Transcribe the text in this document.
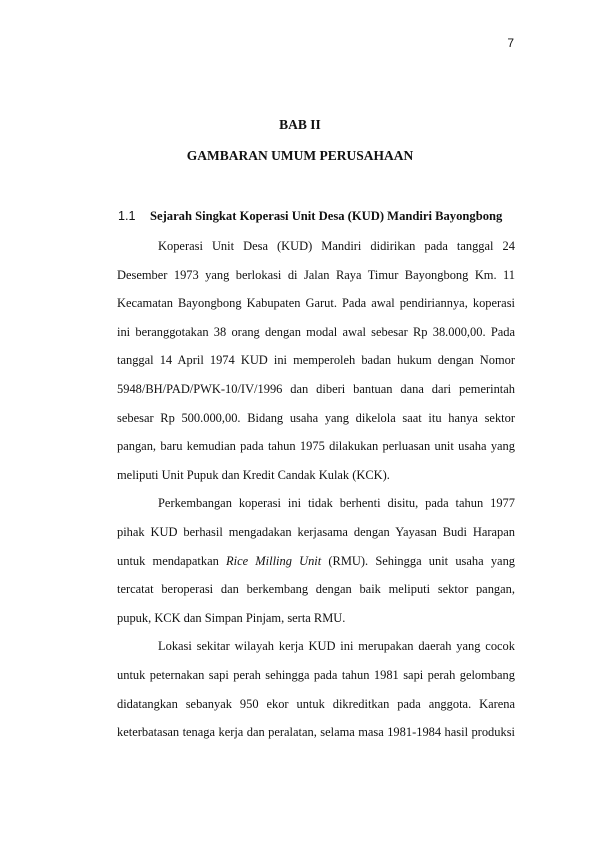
7
BAB II
GAMBARAN UMUM PERUSAHAAN
1.1 Sejarah Singkat Koperasi Unit Desa (KUD) Mandiri Bayongbong

Koperasi Unit Desa (KUD) Mandiri didirikan pada tanggal 24 Desember 1973 yang berlokasi di Jalan Raya Timur Bayongbong Km. 11 Kecamatan Bayongbong Kabupaten Garut. Pada awal pendiriannya, koperasi ini beranggotakan 38 orang dengan modal awal sebesar Rp 38.000,00. Pada tanggal 14 April 1974 KUD ini memperoleh badan hukum dengan Nomor 5948/BH/PAD/PWK-10/IV/1996 dan diberi bantuan dana dari pemerintah sebesar Rp 500.000,00. Bidang usaha yang dikelola saat itu hanya sektor pangan, baru kemudian pada tahun 1975 dilakukan perluasan unit usaha yang meliputi Unit Pupuk dan Kredit Candak Kulak (KCK).

Perkembangan koperasi ini tidak berhenti disitu, pada tahun 1977 pihak KUD berhasil mengadakan kerjasama dengan Yayasan Budi Harapan untuk mendapatkan Rice Milling Unit (RMU). Sehingga unit usaha yang tercatat beroperasi dan berkembang dengan baik meliputi sektor pangan, pupuk, KCK dan Simpan Pinjam, serta RMU.

Lokasi sekitar wilayah kerja KUD ini merupakan daerah yang cocok untuk peternakan sapi perah sehingga pada tahun 1981 sapi perah gelombang didatangkan sebanyak 950 ekor untuk dikreditkan pada anggota. Karena keterbatasan tenaga kerja dan peralatan, selama masa 1981-1984 hasil produksi
